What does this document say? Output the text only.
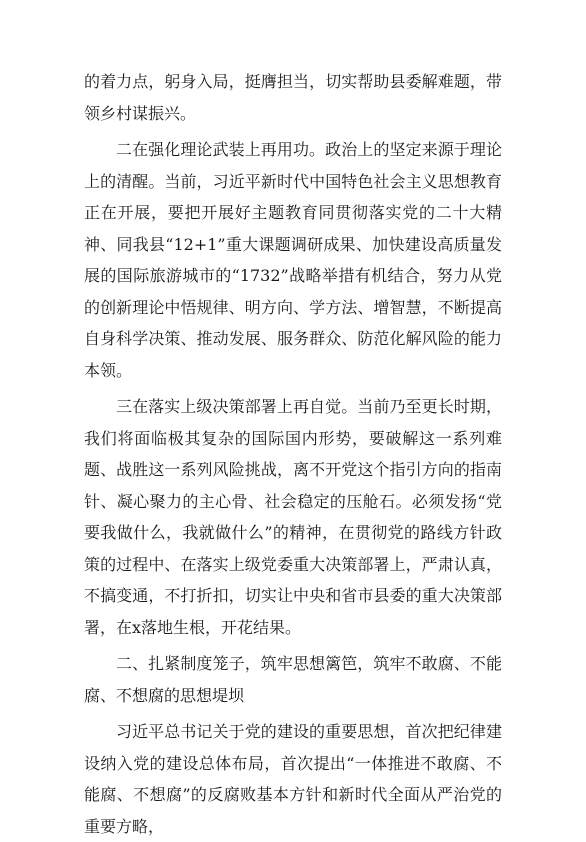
的着力点，躬身入局，挺膺担当，切实帮助县委解难题，带领乡村谋振兴。

二在强化理论武装上再用功。政治上的坚定来源于理论上的清醒。当前，习近平新时代中国特色社会主义思想教育正在开展，要把开展好主题教育同贯彻落实党的二十大精神、同我县“12+1”重大课题调研成果、加快建设高质量发展的国际旅游城市的“1732”战略举措有机结合，努力从党的创新理论中悟规律、明方向、学方法、增智慧，不断提高自身科学决策、推动发展、服务群众、防范化解风险的能力本领。

三在落实上级决策部署上再自觉。当前乃至更长时期，我们将面临极其复杂的国际国内形势，要破解这一系列难题、战胜这一系列风险挑战，离不开党这个指引方向的指南针、凝心聚力的主心骨、社会稳定的压舱石。必须发扬“党要我做什么，我就做什么”的精神，在贯彻党的路线方针政策的过程中、在落实上级党委重大决策部署上，严肃认真，不搞变通，不打折扣，切实让中央和省市县委的重大决策部署，在x落地生根，开花结果。

二、扎紧制度笼子，筑牢思想篱笆，筑牢不敢腐、不能腐、不想腐的思想堤坝

习近平总书记关于党的建设的重要思想，首次把纪律建设纳入党的建设总体布局，首次提出“一体推进不敢腐、不能腐、不想腐”的反腐败基本方针和新时代全面从严治党的重要方略，
